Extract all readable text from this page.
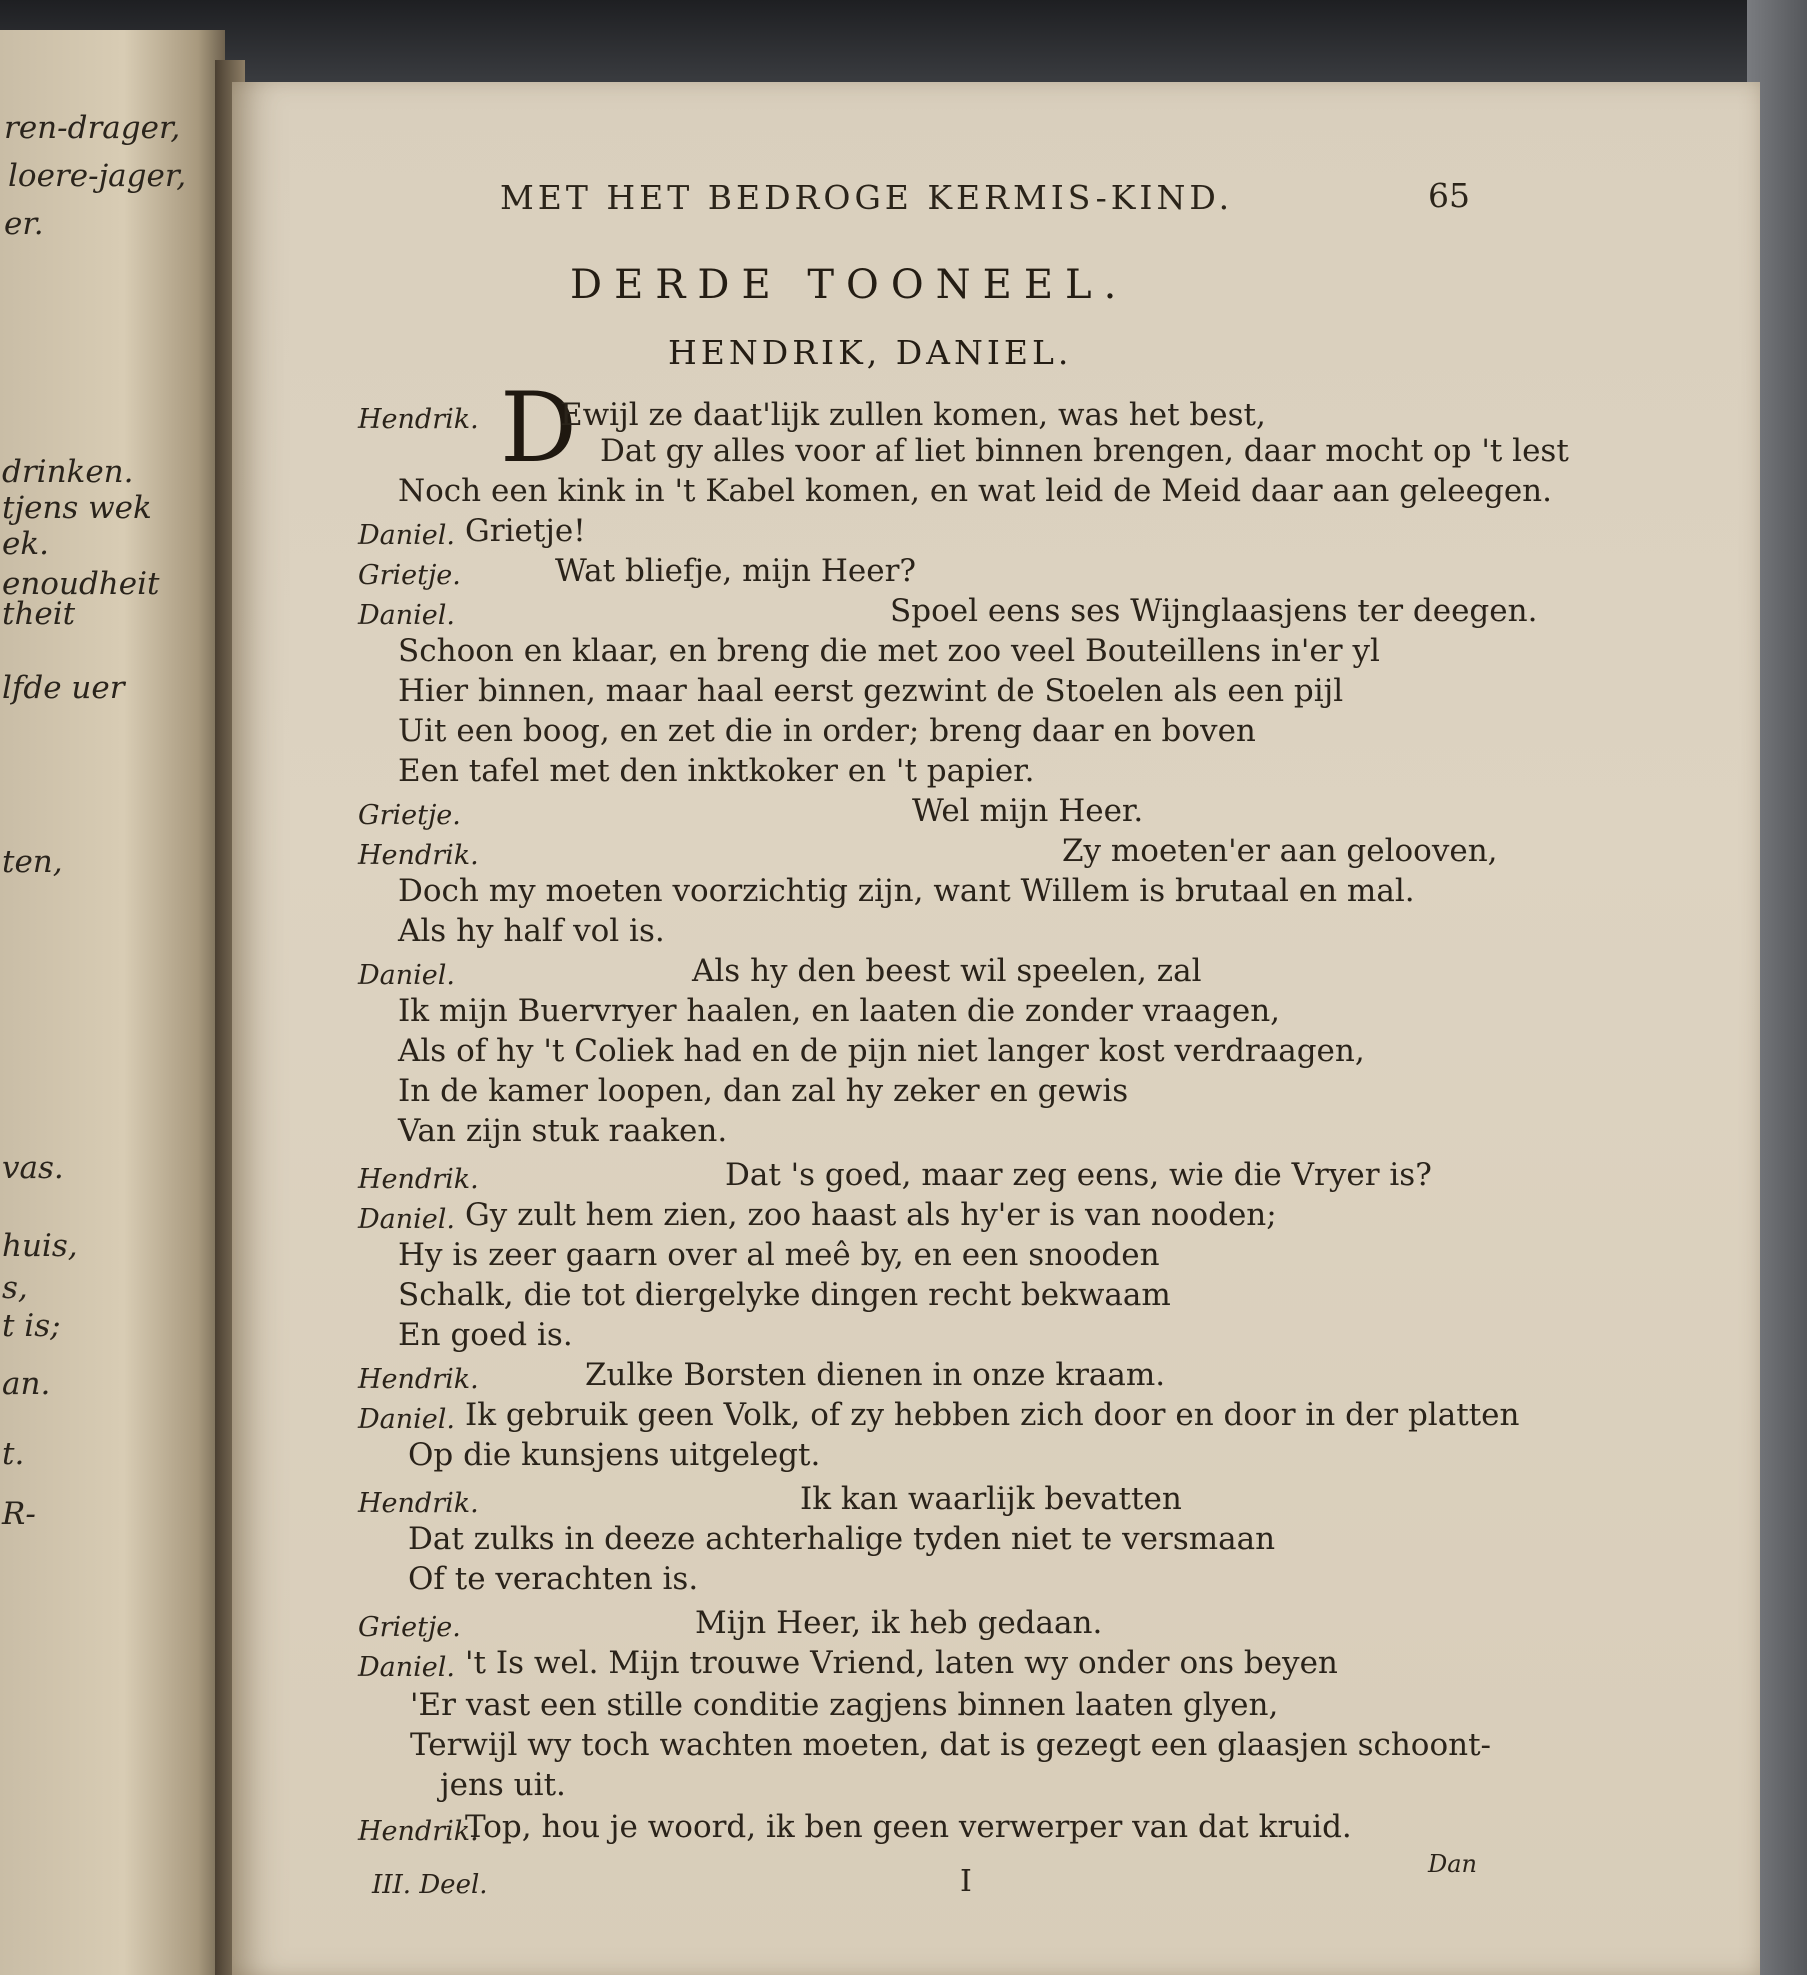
ren-drager,
loere-jager,
er.
drinken.
tjens wek
ek.
enoudheit
theit
lfde uer
ten,
vas.
huis,
s,
t is;
an.
t.
R-
MET HET BEDROGE KERMIS-KIND.	65
DERDE TOONEEL.
HENDRIK, DANIEL.
D
Hendrik.	Ewijl ze daat'lijk zullen komen, was het best,
Dat gy alles voor af liet binnen brengen, daar mocht op 't lest
Noch een kink in 't Kabel komen, en wat leid de Meid daar aan geleegen.
Daniel. Grietje!
Grietje.	Wat bliefje, mijn Heer?
Daniel.	Spoel eens ses Wijnglaasjens ter deegen.
Schoon en klaar, en breng die met zoo veel Bouteillens in'er yl
Hier binnen, maar haal eerst gezwint de Stoelen als een pijl
Uit een boog, en zet die in order; breng daar en boven
Een tafel met den inktkoker en 't papier.
Grietje.	Wel mijn Heer.
Hendrik.	Zy moeten'er aan gelooven,
Doch my moeten voorzichtig zijn, want Willem is brutaal en mal.
Als hy half vol is.
Daniel.	Als hy den beest wil speelen, zal
Ik mijn Buervryer haalen, en laaten die zonder vraagen,
Als of hy 't Coliek had en de pijn niet langer kost verdraagen,
In de kamer loopen, dan zal hy zeker en gewis
Van zijn stuk raaken.
Hendrik.	Dat 's goed, maar zeg eens, wie die Vryer is?
Daniel. Gy zult hem zien, zoo haast als hy'er is van nooden;
Hy is zeer gaarn over al meê by, en een snooden
Schalk, die tot diergelyke dingen recht bekwaam
En goed is.
Hendrik.	Zulke Borsten dienen in onze kraam.
Daniel. Ik gebruik geen Volk, of zy hebben zich door en door in der platten
Op die kunsjens uitgelegt.
Hendrik.	Ik kan waarlijk bevatten
Dat zulks in deeze achterhalige tyden niet te versmaan
Of te verachten is.
Grietje.	Mijn Heer, ik heb gedaan.
Daniel. 't Is wel. Mijn trouwe Vriend, laten wy onder ons beyen
'Er vast een stille conditie zagjens binnen laaten glyen,
Terwijl wy toch wachten moeten, dat is gezegt een glaasjen schoont-
jens uit.
Hendrik.
Top, hou je woord, ik ben geen verwerper van dat kruid.
III. Deel.	I	Dan
